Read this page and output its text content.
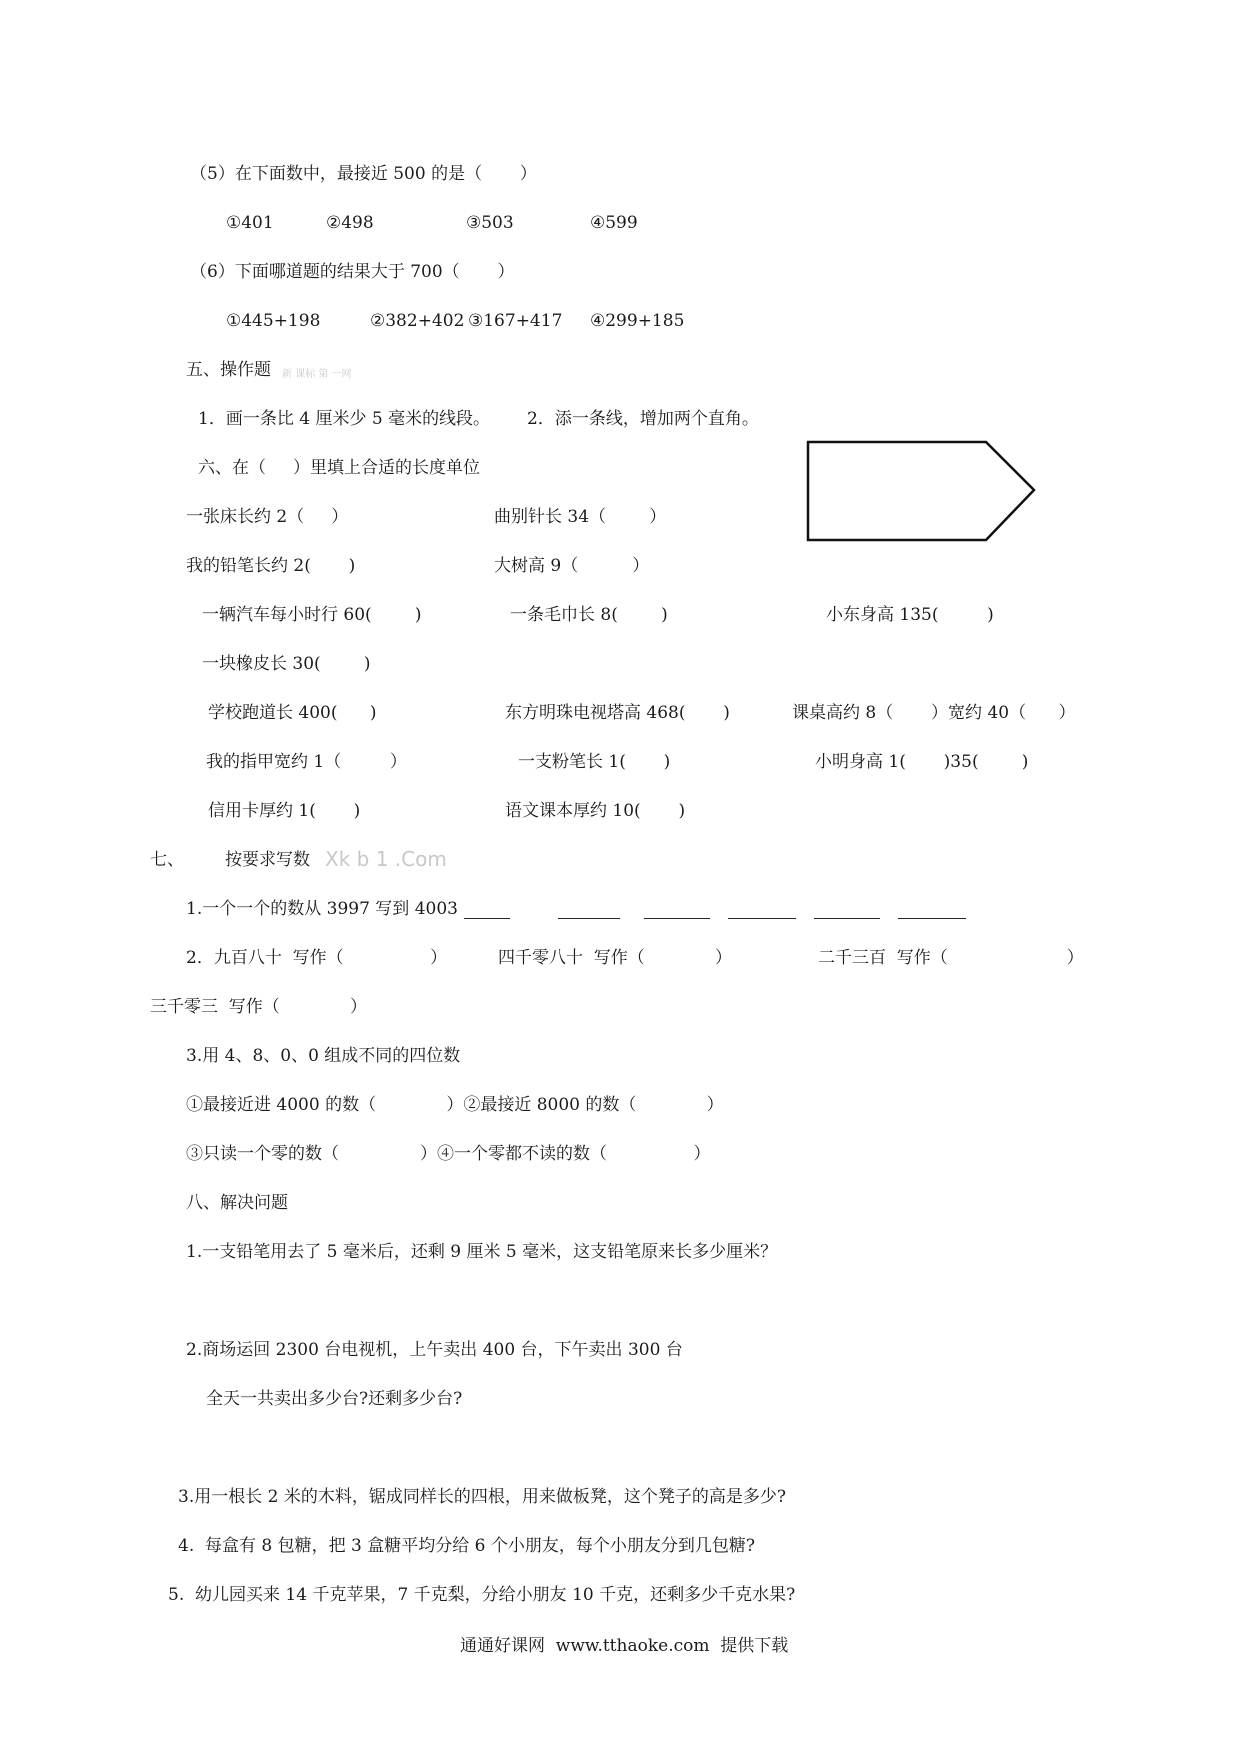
（5）在下面数中，最接近 500 的是（       ）
①401	②498	③503	④599
（6）下面哪道题的结果大于 700（       ）
①445+198	②382+402 ③167+417 ④299+185
五、操作题 新 课标 第 一网
1．画一条比 4 厘米少 5 毫米的线段。 2．添一条线，增加两个直角。
六、在（     ）里填上合适的长度单位
一张床长约 2（     ）	曲别针长 34（        ）
我的铅笔长约 2(       )	大树高 9（          ）
一辆汽车每小时行 60(        )	一条毛巾长 8(        )	小东身高 135(         )
一块橡皮长 30(        )
学校跑道长 400(      )	东方明珠电视塔高 468(       )	课桌高约 8（       ）宽约 40（      ）
我的指甲宽约 1（         ）	一支粉笔长 1(       )	小明身高 1(       )35(        )
信用卡厚约 1(       )	语文课本厚约 10(       )
七、 按要求写数 Xk b 1 .Com
1.一个一个的数从 3997 写到 4003
2．九百八十  写作（                ）	四千零八十  写作（             ）	二千三百  写作（                      ）
三千零三  写作（             ）
3.用 4、8、0、0 组成不同的四位数
①最接近进 4000 的数（             ）②最接近 8000 的数（             ）
③只读一个零的数（               ）④一个零都不读的数（                ）
八、解决问题
1.一支铅笔用去了 5 毫米后，还剩 9 厘米 5 毫米，这支铅笔原来长多少厘米？
2.商场运回 2300 台电视机，上午卖出 400 台，下午卖出 300 台
全天一共卖出多少台?还剩多少台?
3.用一根长 2 米的木料，锯成同样长的四根，用来做板凳，这个凳子的高是多少?
4.  每盒有 8 包糖，把 3 盒糖平均分给 6 个小朋友，每个小朋友分到几包糖?
5.  幼儿园买来 14 千克苹果，7 千克梨，分给小朋友 10 千克，还剩多少千克水果?
通通好课网  www.tthaoke.com  提供下载
